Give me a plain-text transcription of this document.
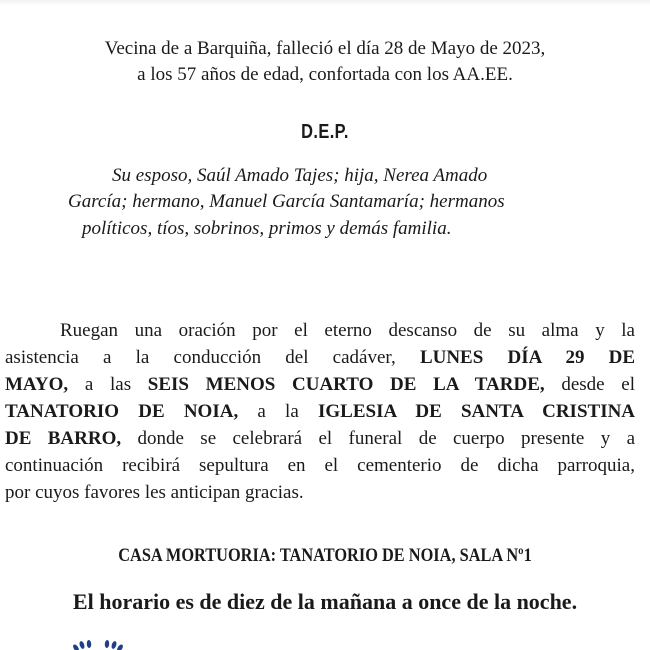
Vecina de a Barquiña, falleció el día 28 de Mayo de 2023,
a los 57 años de edad, confortada con los AA.EE.
D.E.P.
Su esposo, Saúl Amado Tajes; hija, Nerea Amado
García; hermano, Manuel García Santamaría; hermanos
políticos, tíos, sobrinos, primos y demás familia.
Ruegan una oración por el eterno descanso de su alma y la
asistencia a la conducción del cadáver, LUNES DÍA 29 DE
MAYO, a las SEIS MENOS CUARTO DE LA TARDE, desde el
TANATORIO DE NOIA, a la IGLESIA DE SANTA CRISTINA
DE BARRO, donde se celebrará el funeral de cuerpo presente y a
continuación recibirá sepultura en el cementerio de dicha parroquia,
por cuyos favores les anticipan gracias.
CASA MORTUORIA: TANATORIO DE NOIA, SALA Nº1
El horario es de diez de la mañana a once de la noche.
